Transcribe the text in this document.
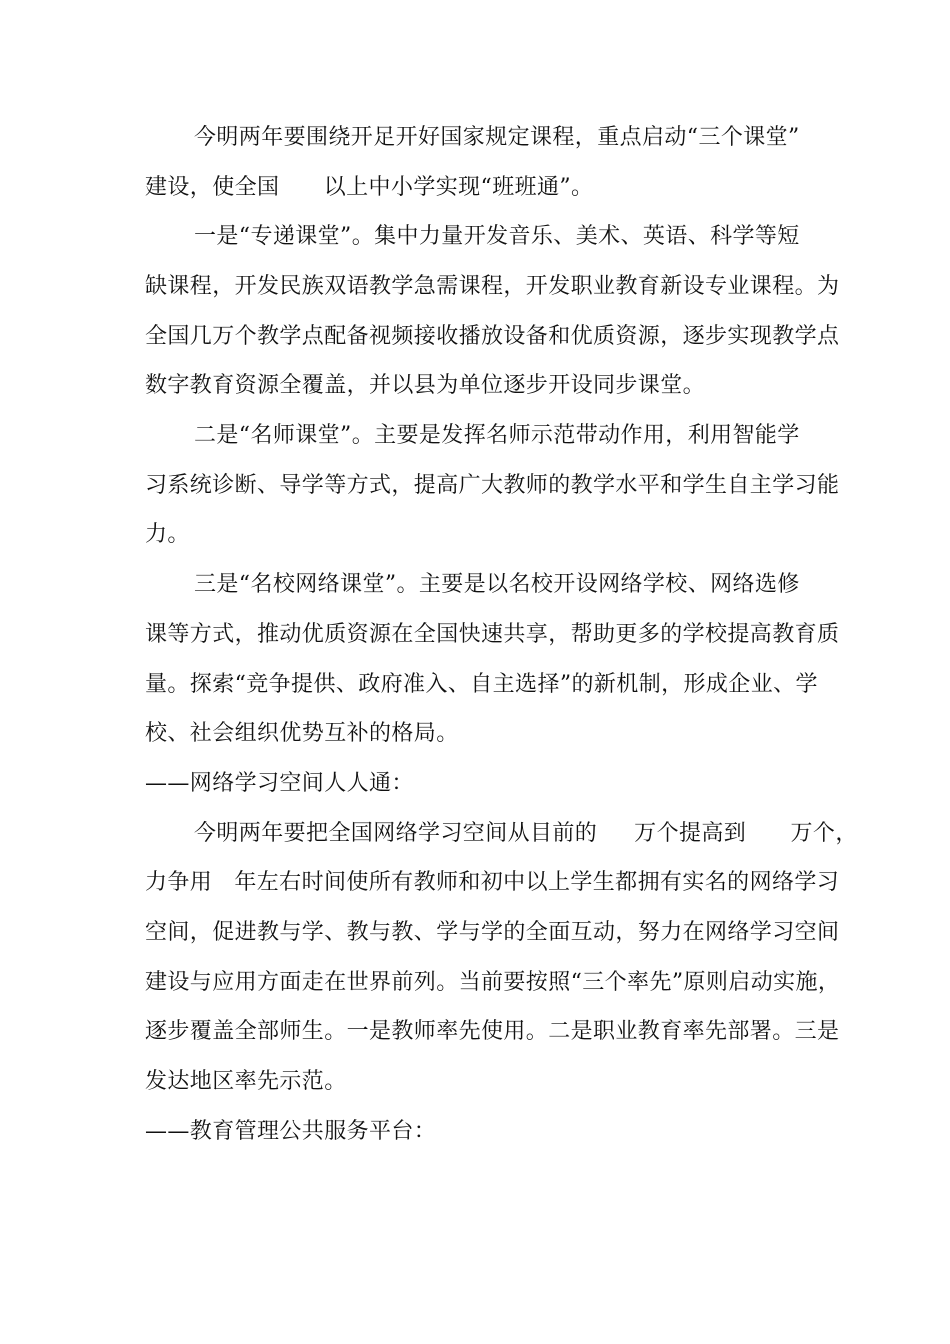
今明两年要围绕开足开好国家规定课程，重点启动“三个课堂”
建设，使全国      以上中小学实现“班班通”。
一是“专递课堂”。集中力量开发音乐、美术、英语、科学等短
缺课程，开发民族双语教学急需课程，开发职业教育新设专业课程。为
全国几万个教学点配备视频接收播放设备和优质资源，逐步实现教学点
数字教育资源全覆盖，并以县为单位逐步开设同步课堂。
二是“名师课堂”。主要是发挥名师示范带动作用，利用智能学
习系统诊断、导学等方式，提高广大教师的教学水平和学生自主学习能
力。
三是“名校网络课堂”。主要是以名校开设网络学校、网络选修
课等方式，推动优质资源在全国快速共享，帮助更多的学校提高教育质
量。探索“竞争提供、政府准入、自主选择”的新机制，形成企业、学
校、社会组织优势互补的格局。
——网络学习空间人人通：
今明两年要把全国网络学习空间从目前的     万个提高到      万个，
力争用   年左右时间使所有教师和初中以上学生都拥有实名的网络学习
空间，促进教与学、教与教、学与学的全面互动，努力在网络学习空间
建设与应用方面走在世界前列。当前要按照“三个率先”原则启动实施，
逐步覆盖全部师生。一是教师率先使用。二是职业教育率先部署。三是
发达地区率先示范。
——教育管理公共服务平台：
